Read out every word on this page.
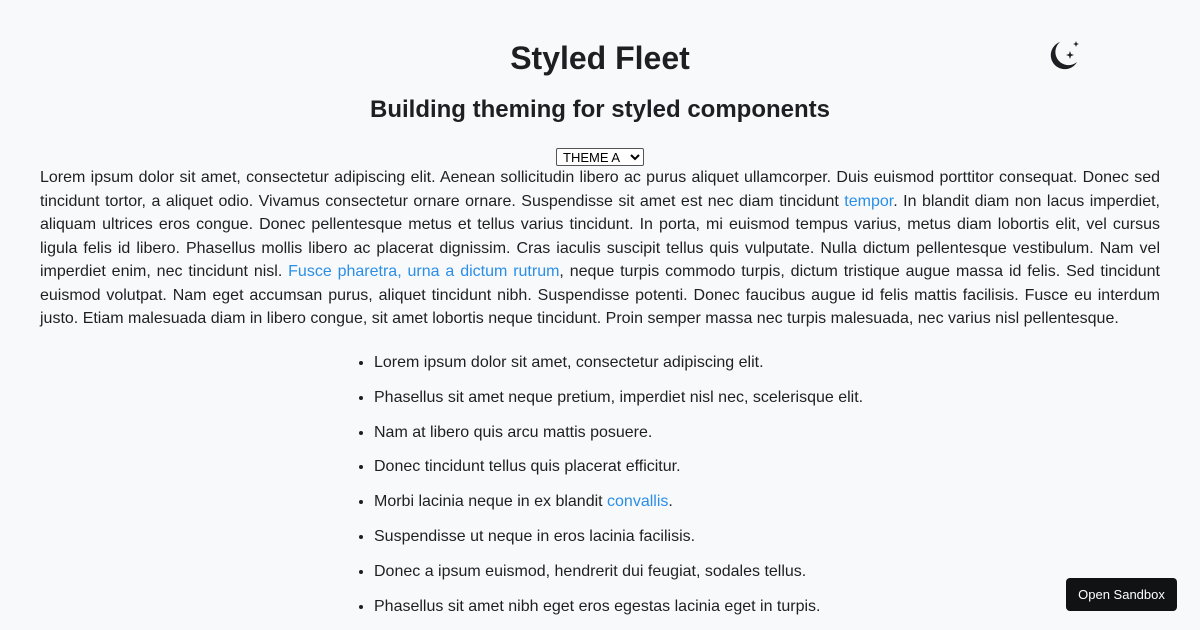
Styled Fleet
Building theming for styled components
THEME A

Lorem ipsum dolor sit amet, consectetur adipiscing elit. Aenean sollicitudin libero ac purus aliquet ullamcorper. Duis euismod porttitor consequat. Donec sed tincidunt tortor, a aliquet odio. Vivamus consectetur ornare ornare. Suspendisse sit amet est nec diam tincidunt tempor. In blandit diam non lacus imperdiet, aliquam ultrices eros congue. Donec pellentesque metus et tellus varius tincidunt. In porta, mi euismod tempus varius, metus diam lobortis elit, vel cursus ligula felis id libero. Phasellus mollis libero ac placerat dignissim. Cras iaculis suscipit tellus quis vulputate. Nulla dictum pellentesque vestibulum. Nam vel imperdiet enim, nec tincidunt nisl. Fusce pharetra, urna a dictum rutrum, neque turpis commodo turpis, dictum tristique augue massa id felis. Sed tincidunt euismod volutpat. Nam eget accumsan purus, aliquet tincidunt nibh. Suspendisse potenti. Donec faucibus augue id felis mattis facilisis. Fusce eu interdum justo. Etiam malesuada diam in libero congue, sit amet lobortis neque tincidunt. Proin semper massa nec turpis malesuada, nec varius nisl pellentesque.

• Lorem ipsum dolor sit amet, consectetur adipiscing elit.
• Phasellus sit amet neque pretium, imperdiet nisl nec, scelerisque elit.
• Nam at libero quis arcu mattis posuere.
• Donec tincidunt tellus quis placerat efficitur.
• Morbi lacinia neque in ex blandit convallis.
• Suspendisse ut neque in eros lacinia facilisis.
• Donec a ipsum euismod, hendrerit dui feugiat, sodales tellus.
• Phasellus sit amet nibh eget eros egestas lacinia eget in turpis.
Open Sandbox
